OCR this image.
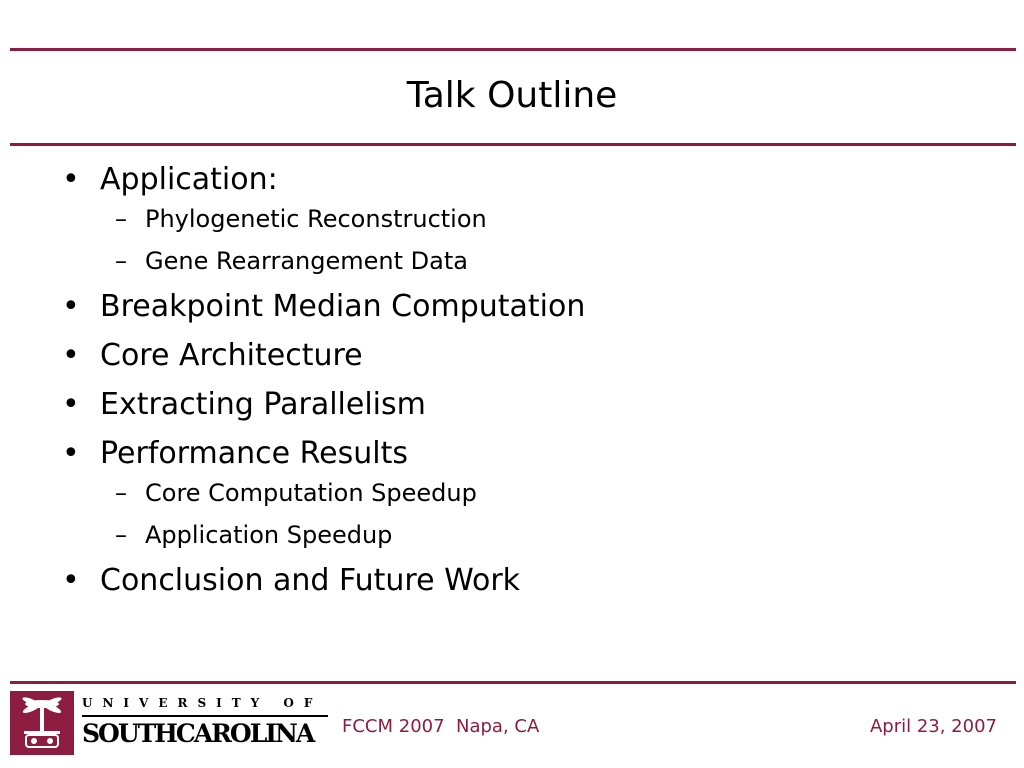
Talk Outline
• Application:
– Phylogenetic Reconstruction
– Gene Rearrangement Data
• Breakpoint Median Computation
• Core Architecture
• Extracting Parallelism
• Performance Results
– Core Computation Speedup
– Application Speedup
• Conclusion and Future Work
UNIVERSITY OF
SOUTHCAROLINA FCCM 2007  Napa, CA	April 23, 2007
